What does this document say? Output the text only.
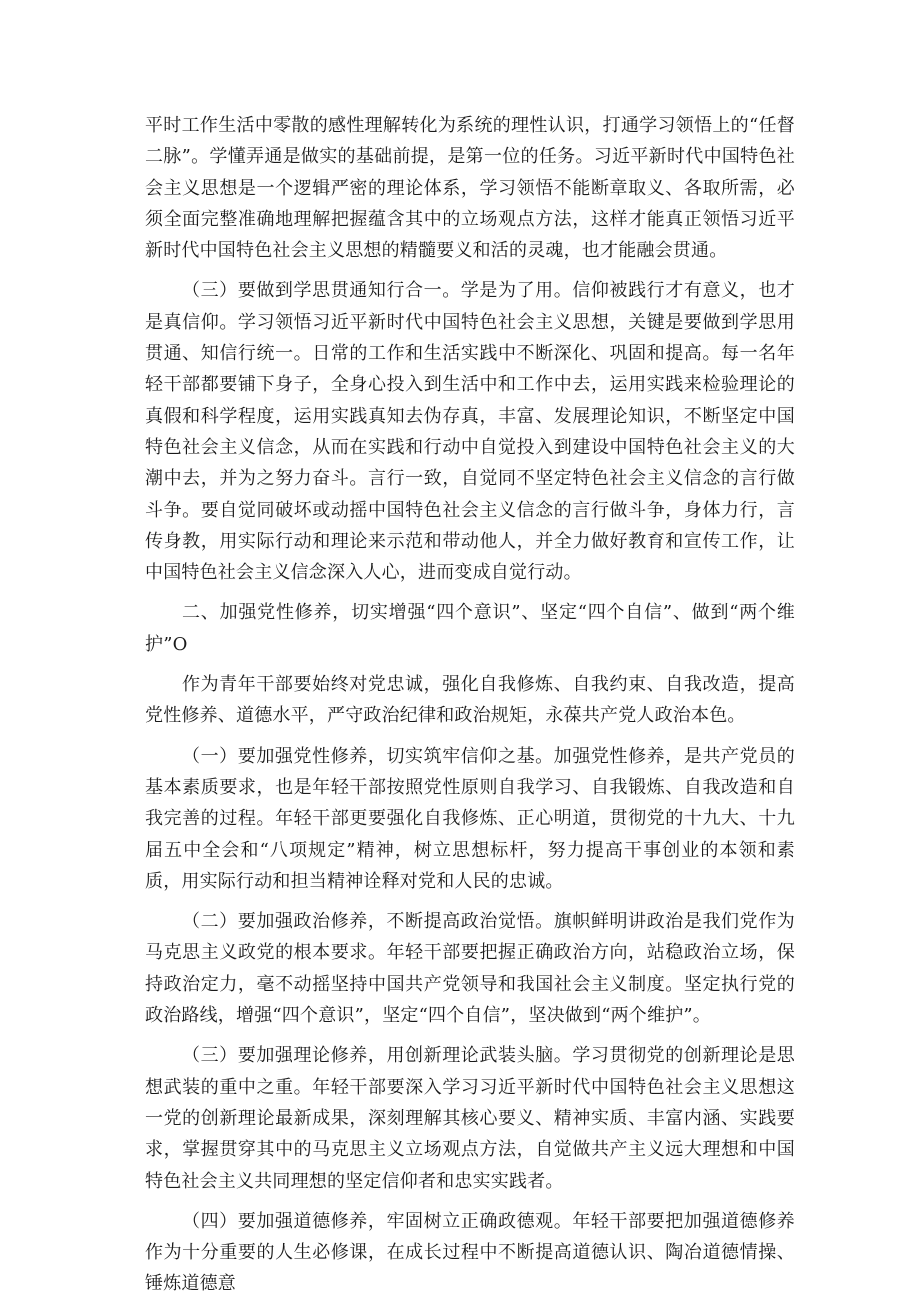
平时工作生活中零散的感性理解转化为系统的理性认识，打通学习领悟上的“任督二脉”。学懂弄通是做实的基础前提，是第一位的任务。习近平新时代中国特色社会主义思想是一个逻辑严密的理论体系，学习领悟不能断章取义、各取所需，必须全面完整准确地理解把握蕴含其中的立场观点方法，这样才能真正领悟习近平新时代中国特色社会主义思想的精髓要义和活的灵魂，也才能融会贯通。

（三）要做到学思贯通知行合一。学是为了用。信仰被践行才有意义，也才是真信仰。学习领悟习近平新时代中国特色社会主义思想，关键是要做到学思用贯通、知信行统一。日常的工作和生活实践中不断深化、巩固和提高。每一名年轻干部都要铺下身子，全身心投入到生活中和工作中去，运用实践来检验理论的真假和科学程度，运用实践真知去伪存真，丰富、发展理论知识，不断坚定中国特色社会主义信念，从而在实践和行动中自觉投入到建设中国特色社会主义的大潮中去，并为之努力奋斗。言行一致，自觉同不坚定特色社会主义信念的言行做斗争。要自觉同破坏或动摇中国特色社会主义信念的言行做斗争，身体力行，言传身教，用实际行动和理论来示范和带动他人，并全力做好教育和宣传工作，让中国特色社会主义信念深入人心，进而变成自觉行动。

二、加强党性修养，切实增强“四个意识”、坚定“四个自信”、做到“两个维护”O

作为青年干部要始终对党忠诚，强化自我修炼、自我约束、自我改造，提高党性修养、道德水平，严守政治纪律和政治规矩，永葆共产党人政治本色。

（一）要加强党性修养，切实筑牢信仰之基。加强党性修养，是共产党员的基本素质要求，也是年轻干部按照党性原则自我学习、自我锻炼、自我改造和自我完善的过程。年轻干部更要强化自我修炼、正心明道，贯彻党的十九大、十九届五中全会和“八项规定”精神，树立思想标杆，努力提高干事创业的本领和素质，用实际行动和担当精神诠释对党和人民的忠诚。

（二）要加强政治修养，不断提高政治觉悟。旗帜鲜明讲政治是我们党作为马克思主义政党的根本要求。年轻干部要把握正确政治方向，站稳政治立场，保持政治定力，毫不动摇坚持中国共产党领导和我国社会主义制度。坚定执行党的政治路线，增强“四个意识”，坚定“四个自信”，坚决做到“两个维护”。

（三）要加强理论修养，用创新理论武装头脑。学习贯彻党的创新理论是思想武装的重中之重。年轻干部要深入学习习近平新时代中国特色社会主义思想这一党的创新理论最新成果，深刻理解其核心要义、精神实质、丰富内涵、实践要求，掌握贯穿其中的马克思主义立场观点方法，自觉做共产主义远大理想和中国特色社会主义共同理想的坚定信仰者和忠实实践者。

（四）要加强道德修养，牢固树立正确政德观。年轻干部要把加强道德修养作为十分重要的人生必修课，在成长过程中不断提高道德认识、陶冶道德情操、锤炼道德意
